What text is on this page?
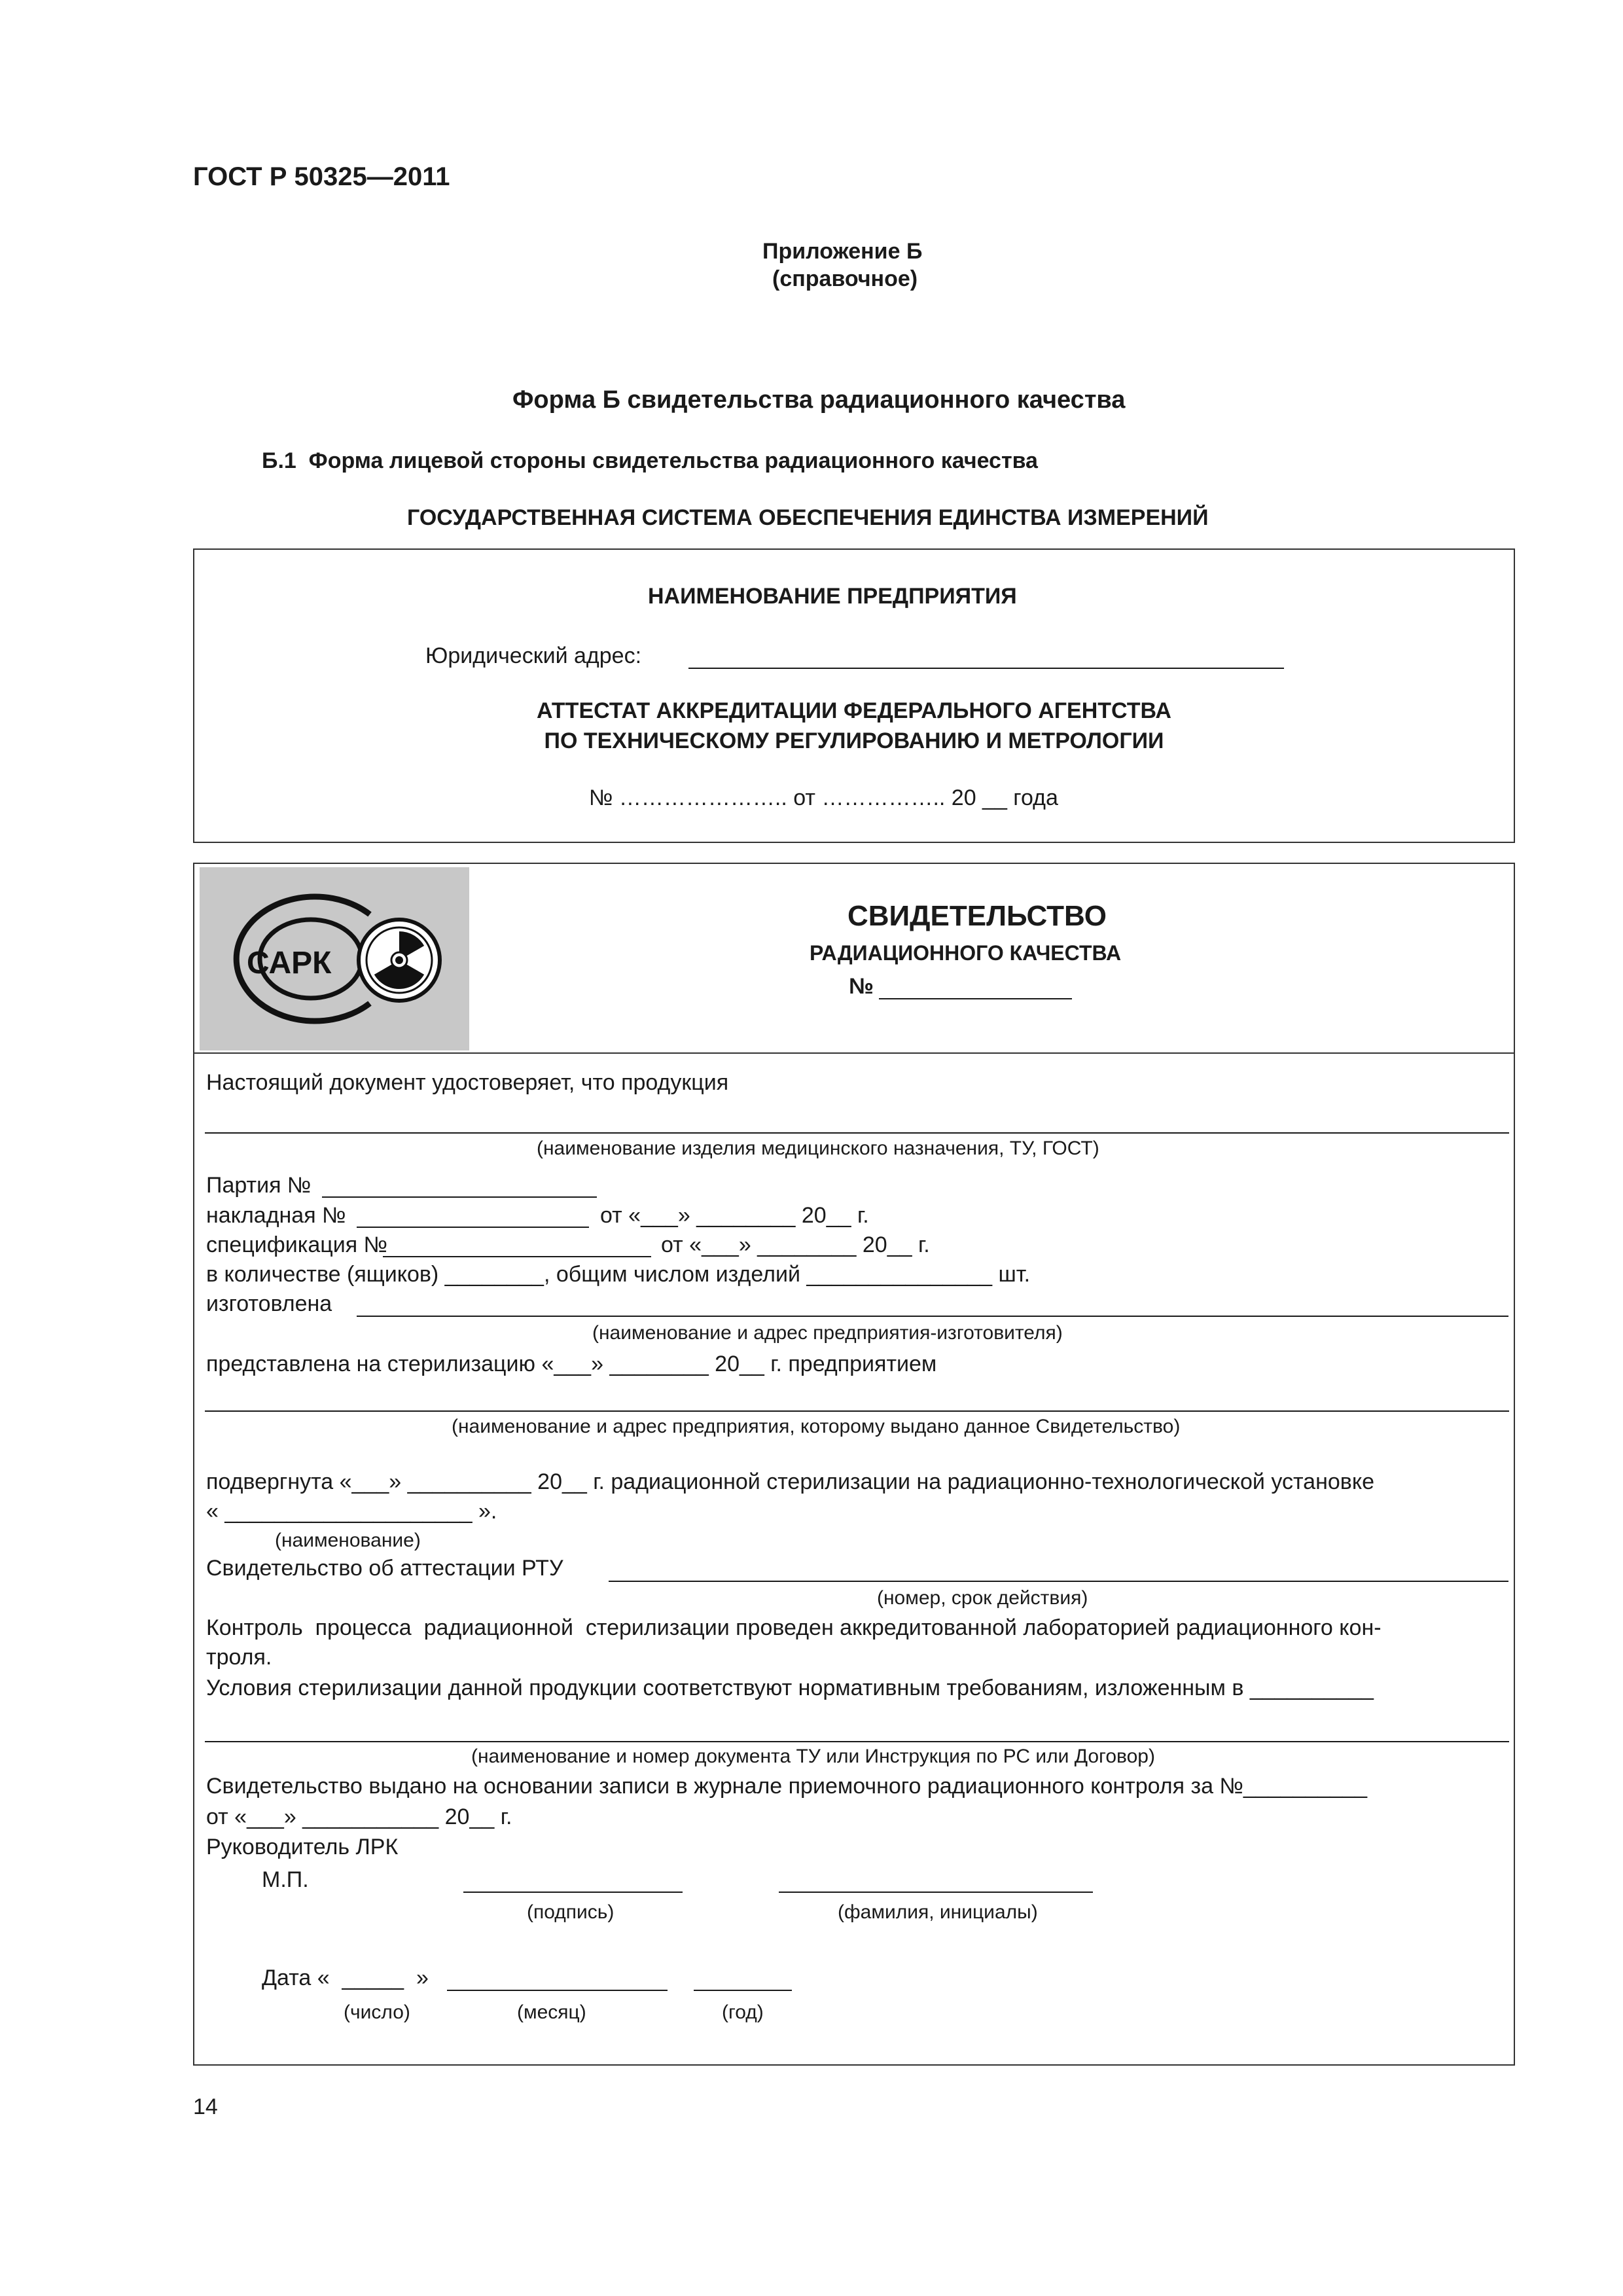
ГОСТ Р 50325—2011
Приложение Б
(справочное)
Форма Б свидетельства радиационного качества
Б.1  Форма лицевой стороны свидетельства радиационного качества
ГОСУДАРСТВЕННАЯ СИСТЕМА ОБЕСПЕЧЕНИЯ ЕДИНСТВА ИЗМЕРЕНИЙ
НАИМЕНОВАНИЕ ПРЕДПРИЯТИЯ
Юридический адрес:
АТТЕСТАТ АККРЕДИТАЦИИ ФЕДЕРАЛЬНОГО АГЕНТСТВА
ПО ТЕХНИЧЕСКОМУ РЕГУЛИРОВАНИЮ И МЕТРОЛОГИИ
№ ………………….. от …………….. 20 __ года
САРК
СВИДЕТЕЛЬСТВО
РАДИАЦИОННОГО КАЧЕСТВА
№
Настоящий документ удостоверяет, что продукция
(наименование изделия медицинского назначения, ТУ, ГОСТ)
Партия №
накладная №	от «___» ________ 20__ г.
спецификация №	от «___» ________ 20__ г.
в количестве (ящиков) ________, общим числом изделий _______________ шт.
изготовлена
(наименование и адрес предприятия-изготовителя)
представлена на стерилизацию «___» ________ 20__ г. предприятием
(наименование и адрес предприятия, которому выдано данное Свидетельство)
подвергнута «___» __________ 20__ г. радиационной стерилизации на радиационно-технологической установке
« ____________________ ».
(наименование)
Свидетельство об аттестации РТУ
(номер, срок действия)
Контроль  процесса  радиационной  стерилизации проведен аккредитованной лабораторией радиационного кон-
троля.
Условия стерилизации данной продукции соответствуют нормативным требованиям, изложенным в __________
(наименование и номер документа ТУ или Инструкция по РС или Договор)
Свидетельство выдано на основании записи в журнале приемочного радиационного контроля за №__________
от «___» ___________ 20__ г.
Руководитель ЛРК
М.П.
(подпись)	(фамилия, инициалы)
Дата «  _____  »
(число)	(месяц)	(год)
14
